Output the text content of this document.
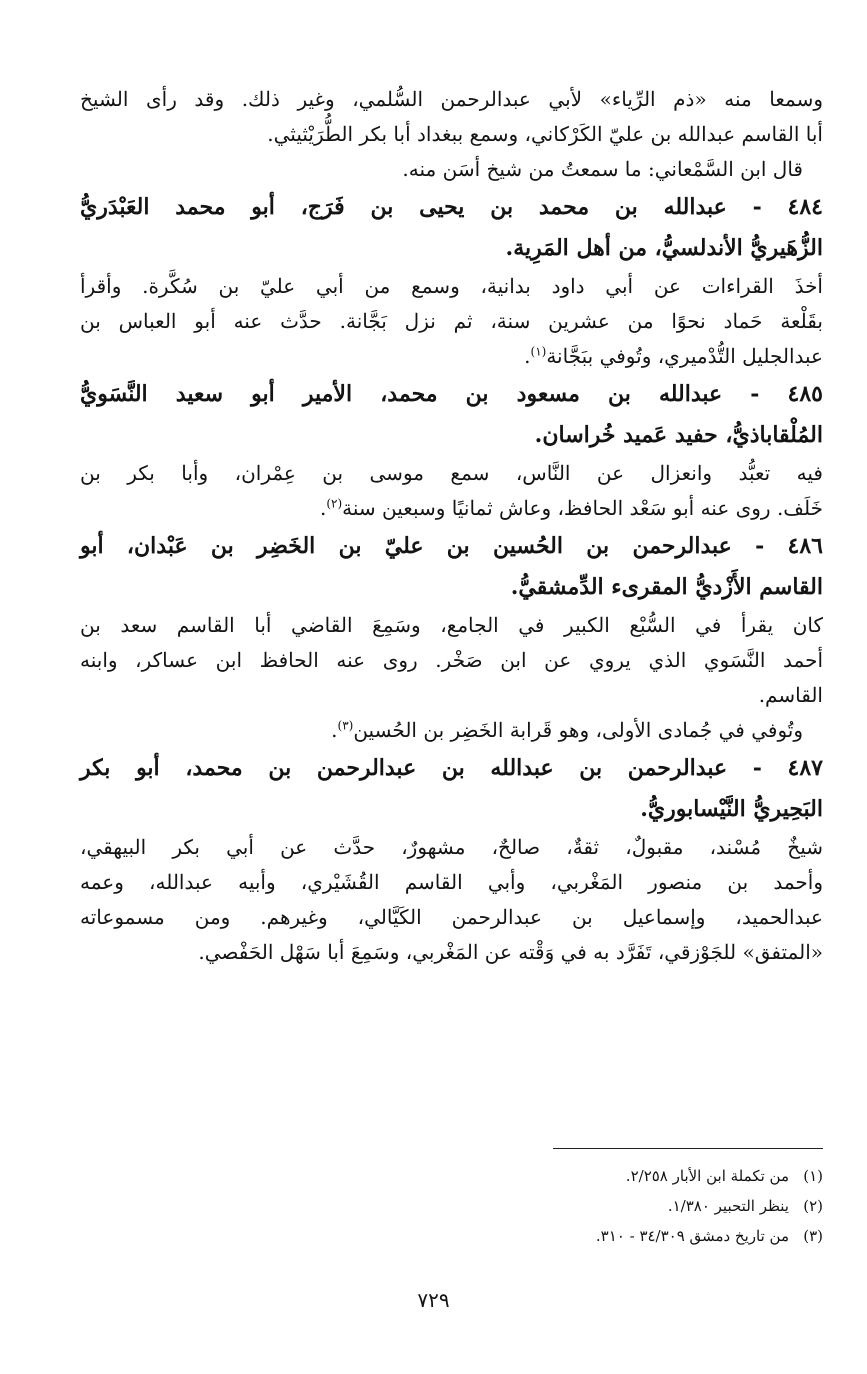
وسمعا منه «ذم الرِّياء» لأبي عبدالرحمن السُّلمي، وغير ذلك. وقد رأى الشيخ
أبا القاسم عبدالله بن عليّ الكَرْكاني، وسمع ببغداد أبا بكر الطُّرَيْثيثي.
قال ابن السَّمْعاني: ما سمعتُ من شيخ أسَن منه.
٤٨٤ - عبدالله بن محمد بن يحيى بن فَرَج، أبو محمد العَبْدَريُّ
الزُّهَيريُّ الأندلسيُّ، من أهل المَرِية.
أخذَ القراءات عن أبي داود بدانية، وسمع من أبي عليّ بن سُكَّرة. وأقرأ
بقَلْعة حَماد نحوًا من عشرين سنة، ثم نزل بَجَّانة. حدَّث عنه أبو العباس بن
عبدالجليل التُّدْميري، وتُوفي ببَجَّانة$^{(١)}$.
٤٨٥ - عبدالله بن مسعود بن محمد، الأمير أبو سعيد النَّسَويُّ
المُلْقاباذيُّ، حفيد عَميد خُراسان.
فيه تعبُّد وانعزال عن النَّاس، سمع موسى بن عِمْران، وأبا بكر بن
خَلَف. روى عنه أبو سَعْد الحافظ، وعاش ثمانيًا وسبعين سنة$^{(٢)}$.
٤٨٦ - عبدالرحمن بن الحُسين بن عليّ بن الخَضِر بن عَبْدان، أبو
القاسم الأَزْديُّ المقرىء الدِّمشقيُّ.
كان يقرأ في السُّبْع الكبير في الجامع، وسَمِعَ القاضي أبا القاسم سعد بن
أحمد النَّسَوي الذي يروي عن ابن صَخْر. روى عنه الحافظ ابن عساكر، وابنه
القاسم.
وتُوفي في جُمادى الأولى، وهو قَرابة الخَضِر بن الحُسين$^{(٣)}$.
٤٨٧ - عبدالرحمن بن عبدالله بن عبدالرحمن بن محمد، أبو بكر
البَحِيريُّ النَّيْسابوريُّ.
شيخٌ مُسْند، مقبولٌ، ثقةٌ، صالحٌ، مشهورٌ، حدَّث عن أبي بكر البيهقي،
وأحمد بن منصور المَغْربي، وأبي القاسم القُشَيْري، وأبيه عبدالله، وعمه
عبدالحميد، وإسماعيل بن عبدالرحمن الكَيَّالي، وغيرهم. ومن مسموعاته
«المتفق» للجَوْزقي، تَفَرَّد به في وَقْته عن المَغْربي، وسَمِعَ أبا سَهْل الحَفْصي.
(١)من تكملة ابن الأبار ٢/٢٥٨.
(٢)ينظر التحبير ١/٣٨٠.
(٣)من تاريخ دمشق ٣٤/٣٠٩ - ٣١٠.
٧٢٩
